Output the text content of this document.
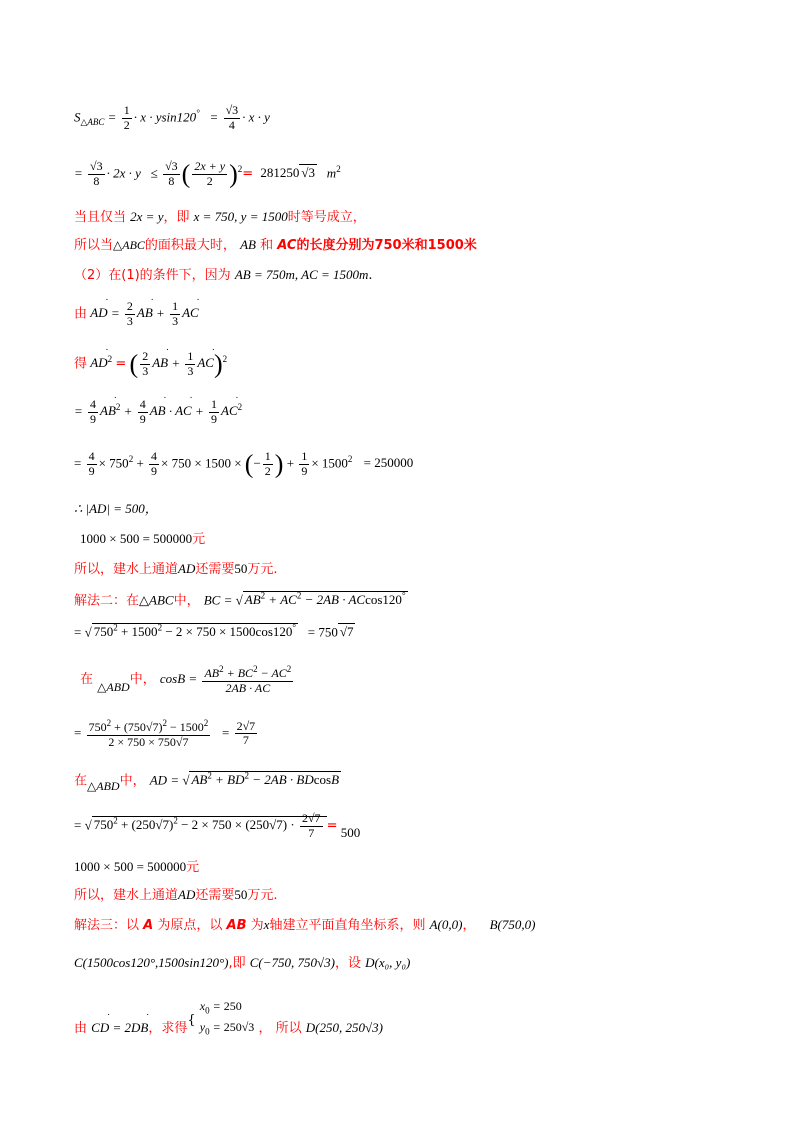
$S_{\triangle ABC} = \frac{1}{2} \cdot x \cdot ysin120^\circ = \frac{√3}{4} \cdot x \cdot y$
= $\frac{√3}{8} \cdot 2x \cdot y \le \frac{√3}{8}$ ( $\frac{2x + y}{2} )^2= 281250$ √3   $m^2$
当且仅当 2x = y，即 x = 750, y = 1500时等号成立，
所以当△ABC的面积最大时， AB 和 AC的长度分别为750米和1500米
（2）在(1)的条件下，因为 AB = 750m, AC = 1500m.
由 AD ˙ = $\frac{2}{3}$ AB ˙ + $\frac{1}{3}$ AC ˙
得 AD ˙$^2$ = ( $\frac{2}{3}$ AB ˙ + $\frac{1}{3}$ AC ˙)$^2$
= $\frac{4}{9}$ AB ˙$^2$ + $\frac{4}{9}$ AB ˙ · AC ˙ + $\frac{1}{9}$ AC ˙$^2$
= $\frac{4}{9} \times 750^2 + \frac{4}{9} \times 750 \times 1500$ × (− $\frac{1}{2}$ ) + $\frac{1}{9} \times 1500^2 = 250000$
∴ |AD| = 500，
1000 × 500 = 500000元
所以，建水上通道AD还需要50万元.
解法二：在△ABC中， BC = √ $AB^2 + AC^2 - 2AB \cdot ACcos120^\circ$
= √ $750^2 + 1500^2 - 2 \times 750 \times 1500\cos 120^\circ = 750$ √7
在 △ABD中， $\cos B = \frac{AB^2 + BC^2 - AC^2}{2AB \cdot AC}$
= $\frac{750^2 + (750√7)^2 - 1500^2}{2 \times 750 \times 750√7} = \frac{2√7}{7}$
在△ABD中， AD = √ $AB^2 + BD^2 - 2AB \cdot BDcosB$
= √ $750^2 + (250√7)^2 - 2 \times 750 \times (250√7) \cdot \frac{2√7}{7} = 500$
1000 × 500 = 500000元
所以，建水上通道AD还需要50万元.
解法三：以 A 为原点，以 AB 为x轴建立平面直角坐标系，则 A(0,0)， B(750,0)
C(1500cos120°,1500sin120°),即 C(−750, 750√3)，设 D(x₀, y₀)
由 CD ˙ = 2DB ˙，求得{
$x_0 = 250$
$y_0 = 250√3$ ， 所以 D(250, 250√3)
